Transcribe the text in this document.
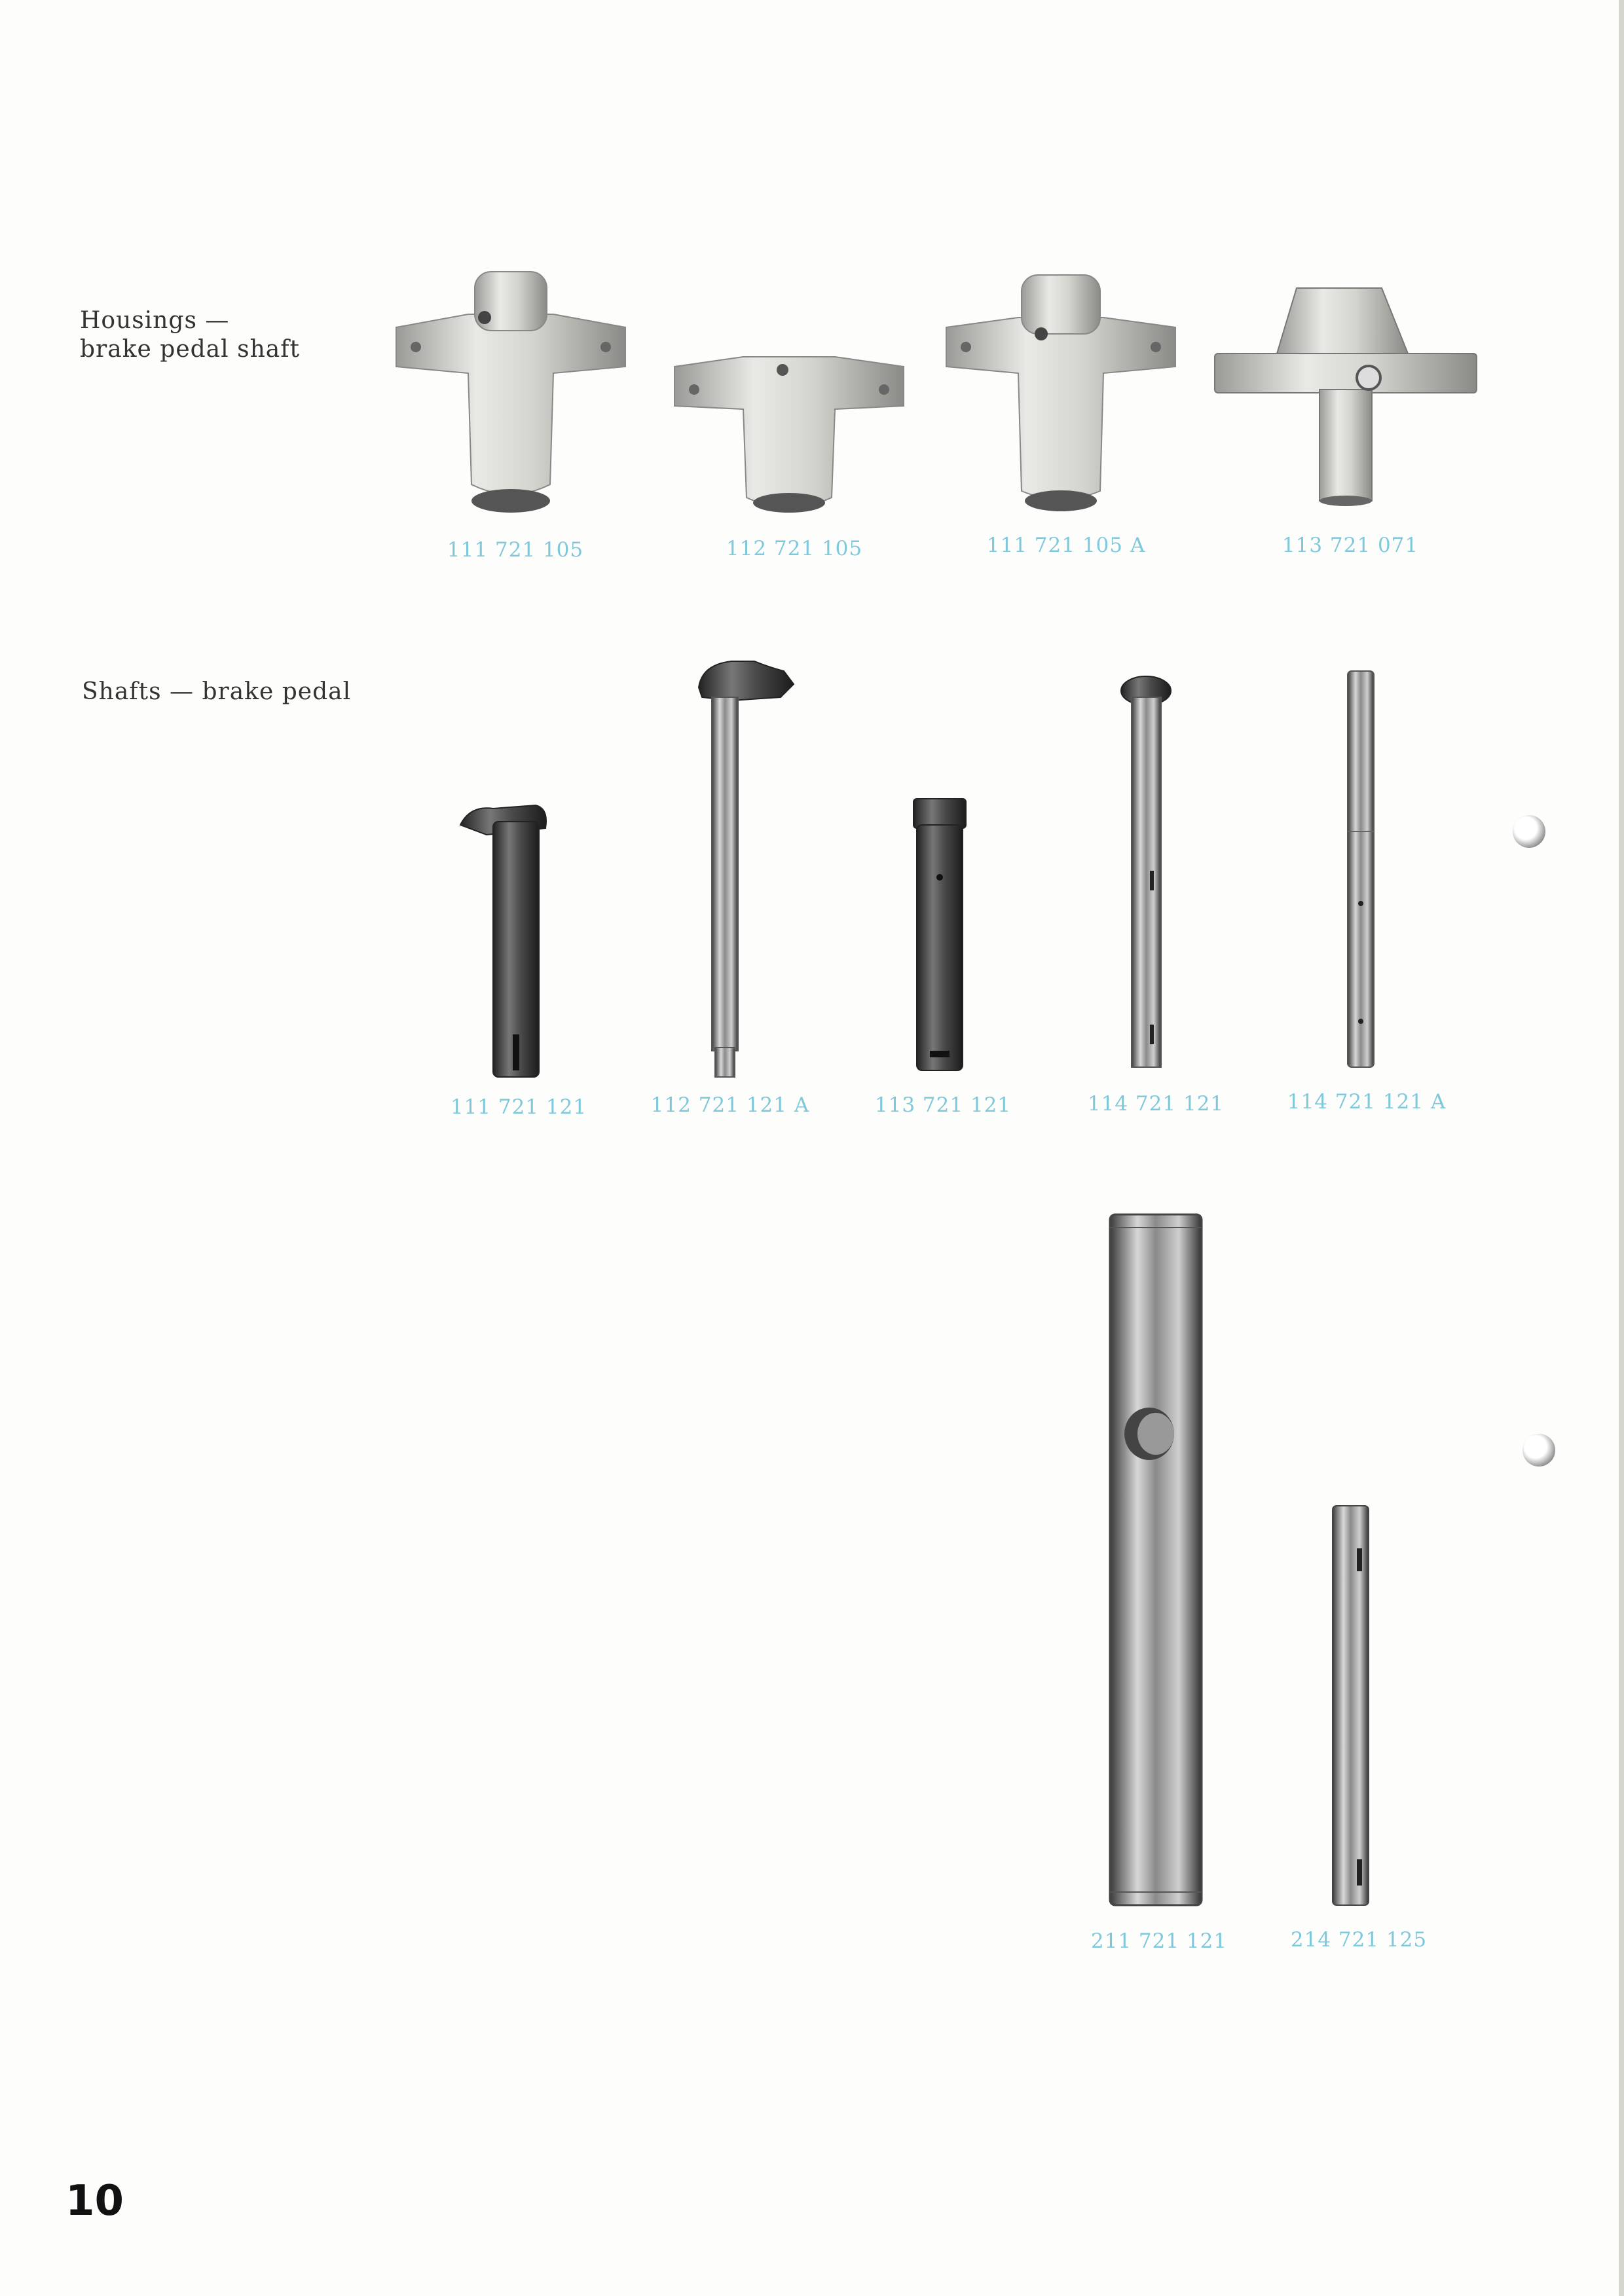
Housings —
brake pedal shaft
Shafts — brake pedal
111 721 105	112 721 105	111 721 105 A	113 721 071
111 721 121	112 721 121 A	113 721 121	114 721 121	114 721 121 A
211 721 121	214 721 125
10
